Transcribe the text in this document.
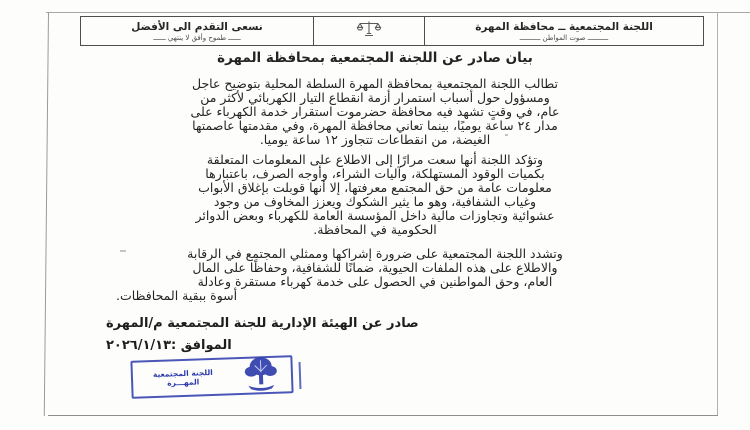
اللجنة المجتمعية ــ محافظة المهرة
ــــــــــ صوت المواطن ــــــــــ
نسعى التقدم الى الأفضل
ــــــ طموح وأفق لا ينتهي ــــــ
بيان صادر عن اللجنة المجتمعية بمحافظة المهرة
تطالب اللجنة المجتمعية بمحافظة المهرة السلطة المحلية بتوضيح عاجل
ومسؤول حول أسباب استمرار أزمة انقطاع التيار الكهربائي لأكثر من
عام، في وقتٍ تشهد فيه محافظة حضرموت استقرار خدمة الكهرباء على
مدار ٢٤ ساعة يوميًا، بينما تعاني محافظة المهرة، وفي مقدمتها عاصمتها
الغيضة، من انقطاعات تتجاوز ١٢ ساعة يوميا.
وتؤكد اللجنة أنها سعت مرارًا إلى الاطلاع على المعلومات المتعلقة
بكميات الوقود المستهلكة، وآليات الشراء، وأوجه الصرف، باعتبارها
معلومات عامة من حق المجتمع معرفتها، إلا أنها قوبلت بإغلاق الأبواب
وغياب الشفافية، وهو ما يثير الشكوك ويعزز المخاوف من وجود
عشوائية وتجاوزات مالية داخل المؤسسة العامة للكهرباء وبعض الدوائر
الحكومية في المحافظة.
وتشدد اللجنة المجتمعية على ضرورة إشراكها وممثلي المجتمع في الرقابة
والاطلاع على هذه الملفات الحيوية، ضمانًا للشفافية، وحفاظًا على المال
العام، وحق المواطنين في الحصول على خدمة كهرباء مستقرة وعادلة
أسوة ببقية المحافظات.
صادر عن الهيئة الإدارية للجنة المجتمعية م/المهرة
الموافق :٢٠٢٦/١/١٣
اللجنة المجتمعية
المهـــرة
